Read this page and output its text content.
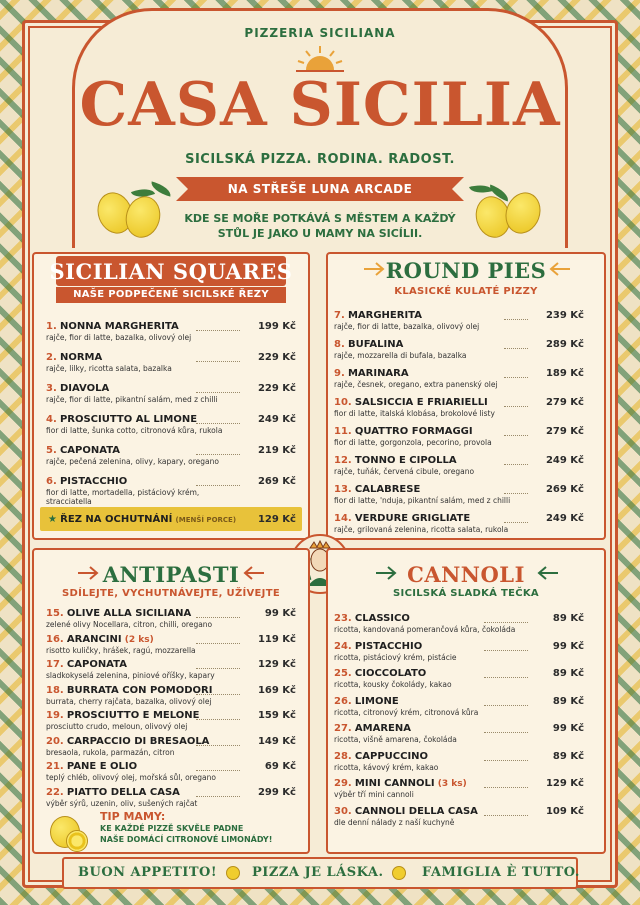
PIZZERIA SICILIANA
CASA SICILIA
SICILSKÁ PIZZA. RODINA. RADOST.
NA STŘEŠE LUNA ARCADE
KDE SE MOŘE POTKÁVÁ S MĚSTEM A KAŽDÝ
STŮL JE JAKO U MAMY NA SICÍLII.
SICILIAN SQUARES
NAŠE PODPEČENÉ SICILSKÉ ŘEZY
1. NONNA MARGHERITA
rajče, fior di latte, bazalka, olivový olej
199 Kč
2. NORMA
rajče, lilky, ricotta salata, bazalka
229 Kč
3. DIAVOLA
rajče, fior di latte, pikantní salám, med z chilli
229 Kč
4. PROSCIUTTO AL LIMONE
fior di latte, šunka cotto, citronová kůra, rukola
249 Kč
5. CAPONATA
rajče, pečená zelenina, olivy, kapary, oregano
219 Kč
6. PISTACCHIO
fior di latte, mortadella, pistáciový krém, stracciatella
269 Kč
★ ŘEZ NA OCHUTNÁNÍ (MENŠÍ PORCE)	129 Kč
ROUND PIES
KLASICKÉ KULATÉ PIZZY
7. MARGHERITA
rajče, fior di latte, bazalka, olivový olej
239 Kč
8. BUFALINA
rajče, mozzarella di bufala, bazalka
289 Kč
9. MARINARA
rajče, česnek, oregano, extra panenský olej
189 Kč
10. SALSICCIA E FRIARIELLI
fior di latte, italská klobása, brokolové listy
279 Kč
11. QUATTRO FORMAGGI
fior di latte, gorgonzola, pecorino, provola
279 Kč
12. TONNO E CIPOLLA
rajče, tuňák, červená cibule, oregano
249 Kč
13. CALABRESE
fior di latte, 'nduja, pikantní salám, med z chilli
269 Kč
14. VERDURE GRIGLIATE
rajče, grilovaná zelenina, ricotta salata, rukola
249 Kč
ANTIPASTI
SDÍLEJTE, VYCHUTNÁVEJTE, UŽÍVEJTE
15. OLIVE ALLA SICILIANA
zelené olivy Nocellara, citron, chilli, oregano
99 Kč
16. ARANCINI (2 ks)
risotto kuličky, hrášek, ragú, mozzarella
119 Kč
17. CAPONATA
sladkokyselá zelenina, piniové oříšky, kapary
129 Kč
18. BURRATA CON POMODORI
burrata, cherry rajčata, bazalka, olivový olej
169 Kč
19. PROSCIUTTO E MELONE
prosciutto crudo, meloun, olivový olej
159 Kč
20. CARPACCIO DI BRESAOLA
bresaola, rukola, parmazán, citron
149 Kč
21. PANE E OLIO
teplý chléb, olivový olej, mořská sůl, oregano
69 Kč
22. PIATTO DELLA CASA
výběr sýrů, uzenin, oliv, sušených rajčat
299 Kč
TIP MAMY:
KE KAŽDÉ PIZZĚ SKVĚLE PADNE
NAŠE DOMÁCÍ CITRONOVÉ LIMONÁDY!
CANNOLI
SICILSKÁ SLADKÁ TEČKA
23. CLASSICO
ricotta, kandovaná pomerančová kůra, čokoláda
89 Kč
24. PISTACCHIO
ricotta, pistáciový krém, pistácie
99 Kč
25. CIOCCOLATO
ricotta, kousky čokolády, kakao
89 Kč
26. LIMONE
ricotta, citronový krém, citronová kůra
89 Kč
27. AMARENA
ricotta, višně amarena, čokoláda
99 Kč
28. CAPPUCCINO
ricotta, kávový krém, kakao
89 Kč
29. MINI CANNOLI (3 ks)
výběr tří mini cannoli
129 Kč
30. CANNOLI DELLA CASA
dle denní nálady z naší kuchyně
109 Kč
BUON APPETITO!	PIZZA JE LÁSKA.	FAMIGLIA È TUTTO.
